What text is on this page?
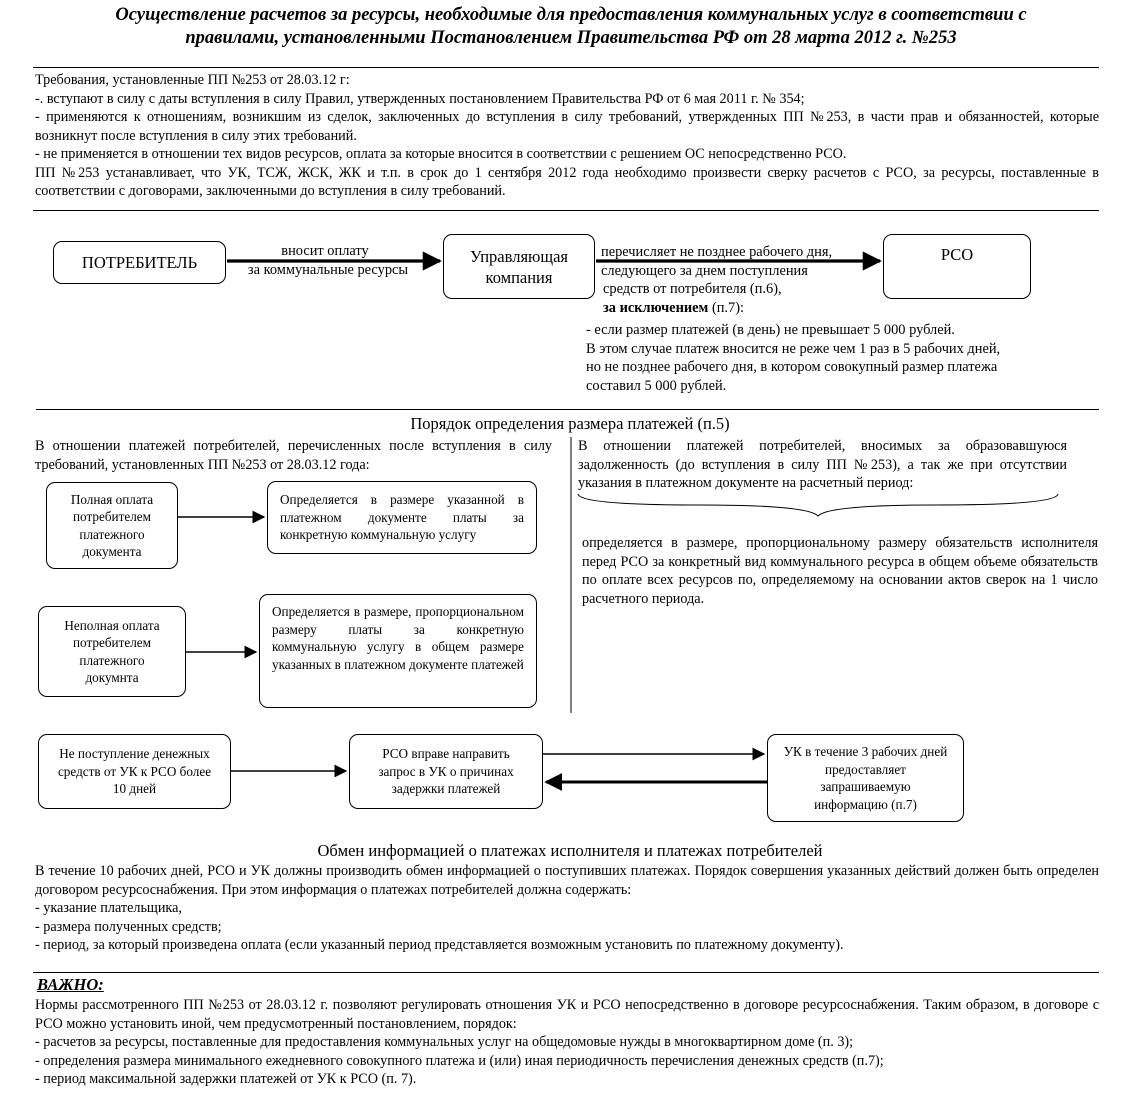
Осуществление расчетов за ресурсы, необходимые для предоставления коммунальных услуг в соответствии с
правилами, установленными Постановлением Правительства РФ от 28 марта 2012 г. №253
Требования, установленные ПП №253 от 28.03.12 г:
-. вступают в силу с даты вступления в силу Правил, утвержденных постановлением Правительства РФ от 6 мая 2011 г. № 354;
- применяются к отношениям, возникшим из сделок, заключенных до вступления в силу требований, утвержденных ПП №253, в части прав и обязанностей, которые возникнут после вступления в силу этих требований.
- не применяется в отношении тех видов ресурсов, оплата за которые вносится в соответствии с решением ОС непосредственно РСО.
ПП №253 устанавливает, что УК, ТСЖ, ЖСК, ЖК и т.п. в срок до 1 сентября 2012 года необходимо произвести сверку расчетов с РСО, за ресурсы, поставленные в соответствии с договорами, заключенными до вступления в силу требований.
ПОТРЕБИТЕЛЬ	Управляющая
компания
РСО
вносит оплату
за коммунальные ресурсы
перечисляет не позднее рабочего дня,
следующего за днем поступления
средств от потребителя (п.6),
за исключением (п.7):
- если размер платежей (в день) не превышает 5 000 рублей.
В этом случае платеж вносится не реже чем 1 раз в 5 рабочих дней,
но не позднее рабочего дня, в котором совокупный размер платежа
составил 5 000 рублей.
Порядок определения размера платежей (п.5)
В отношении платежей потребителей, перечисленных после вступления в силу требований, установленных ПП №253 от 28.03.12 года:
В отношении платежей потребителей, вносимых за образовавшуюся задолженность (до вступления в силу ПП №253), а так же при отсутствии указания в платежном документе на расчетный период:
определяется в размере, пропорциональному размеру обязательств исполнителя перед РСО за конкретный вид коммунального ресурса в общем объеме обязательств по оплате всех ресурсов по, определяемому на основании актов сверок на 1 число расчетного периода.
Полная оплата потребителем платежного документа
Определяется в размере указанной в платежном документе платы за конкретную коммунальную услугу
Неполная оплата потребителем платежного докумнта
Определяется в размере, пропорциональном размеру платы за конкретную коммунальную услугу в общем размере указанных в платежном документе платежей
Не поступление денежных средств от УК к РСО более 10 дней
РСО вправе направить запрос в УК о причинах задержки платежей
УК в течение 3 рабочих дней предоставляет запрашиваемую информацию (п.7)
Обмен информацией о платежах исполнителя и платежах потребителей
В течение 10 рабочих дней, РСО и УК должны производить обмен информацией о поступивших платежах. Порядок совершения указанных действий должен быть определен договором ресурсоснабжения. При этом информация о платежах потребителей должна содержать:
- указание плательщика,
- размера полученных средств;
- период, за который произведена оплата (если указанный период представляется возможным установить по платежному документу).
ВАЖНО:
Нормы рассмотренного ПП №253 от 28.03.12 г. позволяют регулировать отношения УК и РСО непосредственно в договоре ресурсоснабжения. Таким образом, в договоре с РСО можно установить иной, чем предусмотренный постановлением, порядок:
- расчетов за ресурсы, поставленные для предоставления коммунальных услуг на общедомовые нужды в многоквартирном доме (п. 3);
- определения размера минимального ежедневного совокупного платежа и (или) иная периодичность перечисления денежных средств (п.7);
- период максимальной задержки платежей от УК к РСО (п. 7).
